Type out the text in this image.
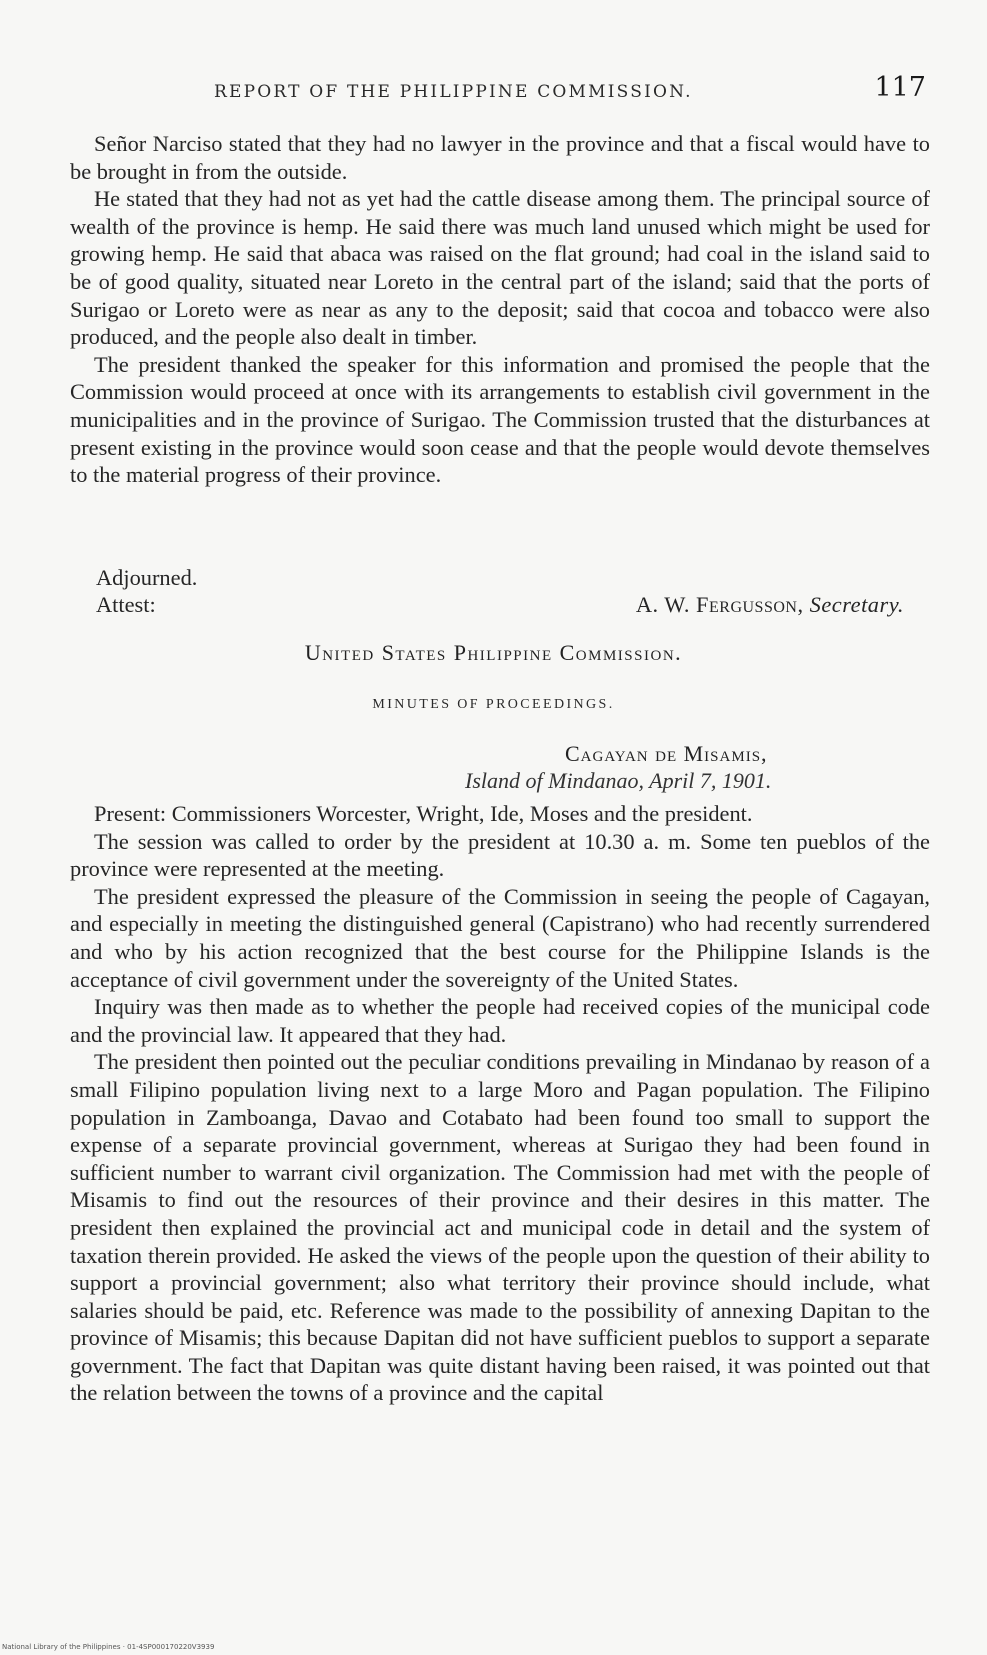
REPORT OF THE PHILIPPINE COMMISSION.	117

Señor Narciso stated that they had no lawyer in the province and that a fiscal would have to be brought in from the outside.

He stated that they had not as yet had the cattle disease among them. The principal source of wealth of the province is hemp. He said there was much land unused which might be used for growing hemp. He said that abaca was raised on the flat ground; had coal in the island said to be of good quality, situated near Loreto in the central part of the island; said that the ports of Surigao or Loreto were as near as any to the deposit; said that cocoa and tobacco were also produced, and the people also dealt in timber.

The president thanked the speaker for this information and promised the people that the Commission would proceed at once with its arrangements to establish civil government in the municipalities and in the province of Surigao. The Commission trusted that the disturbances at present existing in the province would soon cease and that the people would devote themselves to the material progress of their province.

Adjourned.
Attest:	A. W. Fergusson, Secretary.
United States Philippine Commission.
MINUTES OF PROCEEDINGS.
Cagayan de Misamis,
Island of Mindanao, April 7, 1901.

Present: Commissioners Worcester, Wright, Ide, Moses and the president.

The session was called to order by the president at 10.30 a. m. Some ten pueblos of the province were represented at the meeting.

The president expressed the pleasure of the Commission in seeing the people of Cagayan, and especially in meeting the distinguished general (Capistrano) who had recently surrendered and who by his action recognized that the best course for the Philippine Islands is the acceptance of civil government under the sovereignty of the United States.

Inquiry was then made as to whether the people had received copies of the municipal code and the provincial law. It appeared that they had.

The president then pointed out the peculiar conditions prevailing in Mindanao by reason of a small Filipino population living next to a large Moro and Pagan population. The Filipino population in Zamboanga, Davao and Cotabato had been found too small to support the expense of a separate provincial government, whereas at Surigao they had been found in sufficient number to warrant civil organization. The Commission had met with the people of Misamis to find out the resources of their province and their desires in this matter. The president then explained the provincial act and municipal code in detail and the system of taxation therein provided. He asked the views of the people upon the question of their ability to support a provincial government; also what territory their province should include, what salaries should be paid, etc. Reference was made to the possibility of annexing Dapitan to the province of Misamis; this because Dapitan did not have sufficient pueblos to support a separate government. The fact that Dapitan was quite distant having been raised, it was pointed out that the relation between the towns of a province and the capital

National Library of the Philippines · 01-4SP000170220V3939
